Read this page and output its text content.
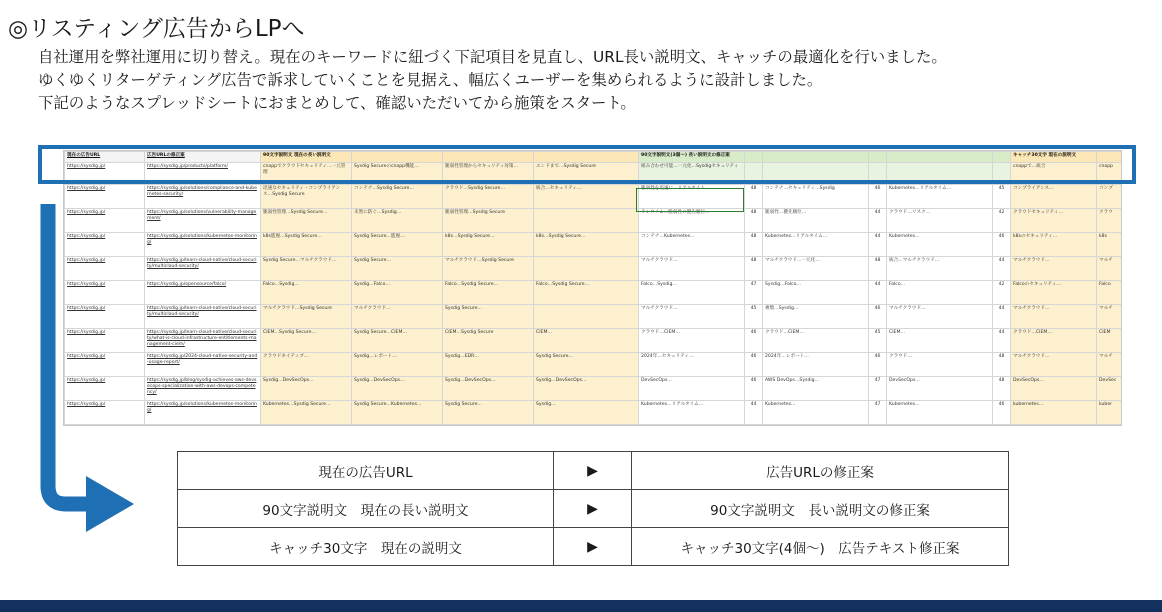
◎リスティング広告からLPへ

自社運用を弊社運用に切り替え。現在のキーワードに紐づく下記項目を見直し、URL長い説明文、キャッチの最適化を行いました。

ゆくゆくリターゲティング広告で訴求していくことを見据え、幅広くユーザーを集められるように設計しました。

下記のようなスプレッドシートにおまとめして、確認いただいてから施策をスタート。

現在の広告URL	広告URLの修正案	90文字説明文 現在の長い説明文				90文字説明文(3個〜) 長い説明文の修正案						キャッチ30文字 現在の説明文	
https://sysdig.jp/	https://sysdig.jp/products/platform/	cnappでクラウドセキュリティ…一元管理	Sysdig Secureのcnapp機能…	脆弱性管理からセキュリティ対策…	エンドまで…Sysdig Secure	組み合わせ可能…一元化…Sysdigセキュリティ						cnappで…統合	cnapp
https://sysdig.jp/	https://sysdig.jp/solutions/compliance-and-kubernetes-security/	迅速なセキュリティ・コンプライアンス…Sysdig Secure	コンテナ…Sysdig Secure…	クラウド…Sysdig Secure…	統合…セキュリティ…	脆弱性を迅速に…リアルタイム…	48	コンテナ…セキュリティ…Sysdig	46	Kubernetes…リアルタイム…	45	コンプライアンス…	コンプ
https://sysdig.jp/	https://sysdig.jp/solutions/vulnerability-management/	脆弱性管理…Sysdig Secure…	未然に防ぐ…Sysdig…	脆弱性管理…Sysdig Secure		ランタイム…脆弱性の優先順位…	48	脆弱性…優先順位…	44	クラウド…リスク…	42	クラウドセキュリティ…	クラウ
https://sysdig.jp/	https://sysdig.jp/solutions/kubernetes-monitoring/	k8s監視…Sysdig Secure…	Sysdig Secure…監視…	k8s…Sysdig Secure…	k8s…Sysdig Secure…	コンテナ…Kubernetes…	48	Kubernetes…リアルタイム…	44	Kubernetes…	46	k8sのセキュリティ…	k8s
https://sysdig.jp/	https://sysdig.jp/learn-cloud-native/cloud-security/multicloud-security/	Sysdig Secure…マルチクラウド…	Sysdig Secure…	マルチクラウド…Sysdig Secure		マルチクラウド…	48	マルチクラウド…一元化…	48	統合…マルチクラウド…	44	マルチクラウド…	マルチ
https://sysdig.jp/	https://sysdig.jp/opensource/falco/	Falco…Sysdig…	Sysdig…Falco…	Falco…Sysdig Secure…	Falco…Sysdig Secure…	Falco…Sysdig…	47	Sysdig…Falco…	44	Falco…	42	Falcoのセキュリティ…	Falco
https://sysdig.jp/	https://sysdig.jp/learn-cloud-native/cloud-security/multicloud-security/	マルチクラウド…Sysdig Secure	マルチクラウド…	Sysdig Secure…		マルチクラウド…	45	複数…Sysdig…	46	マルチクラウド…	44	マルチクラウド…	マルチ
https://sysdig.jp/	https://sysdig.jp/learn-cloud-native/cloud-security/what-is-cloud-infrastructure-entitlements-management-ciem/	CIEM…Sysdig Secure…	Sysdig Secure…CIEM…	CIEM…Sysdig Secure	CIEM…	クラウド…CIEM…	46	クラウド…CIEM…	45	CIEM…	44	クラウド…CIEM…	CIEM
https://sysdig.jp/	https://sysdig.jp/2024-cloud-native-security-and-usage-report/	クラウドネイティブ…	Sysdig…レポート…	Sysdig…EDR…	Sysdig Secure…	2024年…セキュリティ…	46	2024年…レポート…	46	クラウド…	48	マルチクラウド…	マルチ
https://sysdig.jp/	https://sysdig.jp/blog/sysdig-achieves-aws-devsecops-specialization-with-aws-devops-competency/	Sysdig…DevSecOps…	Sysdig…DevSecOps…	Sysdig…DevSecOps…	Sysdig…DevSecOps…	DevSecOps…	46	AWS DevOps…Sysdig…	47	DevSecOps…	48	DevSecOps…	DevSec
https://sysdig.jp/	https://sysdig.jp/solutions/kubernetes-monitoring/	Kubernetes…Sysdig Secure…	Sysdig Secure…Kubernetes…	Sysdig Secure…	Sysdig…	Kubernetes…リアルタイム…	44	Kubernetes…	47	Kubernetes…	46	kubernetes…	kuber
現在の広告URL	▶	広告URLの修正案
90文字説明文　現在の長い説明文	▶	90文字説明文　長い説明文の修正案
キャッチ30文字　現在の説明文	▶	キャッチ30文字(4個〜)　広告テキスト修正案
